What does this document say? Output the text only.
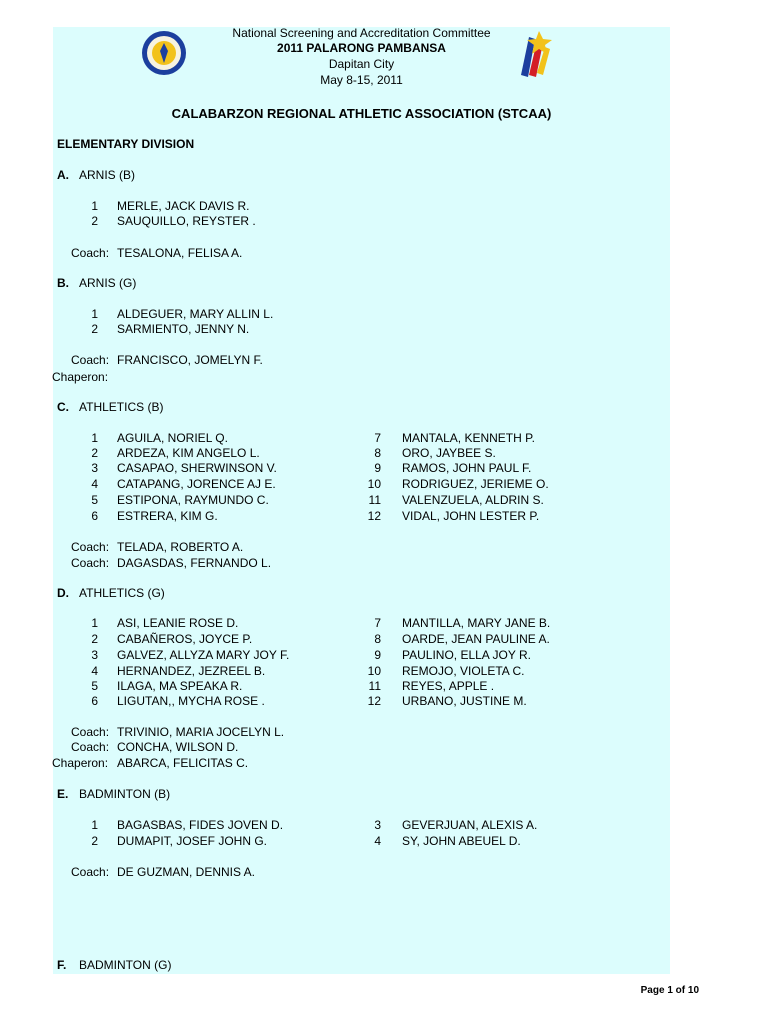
National Screening and Accreditation Committee
2011 PALARONG PAMBANSA
Dapitan City
May 8-15, 2011
CALABARZON REGIONAL ATHLETIC ASSOCIATION (STCAA)
ELEMENTARY DIVISION
A. ARNIS (B)
1 MERLE, JACK DAVIS R.
2 SAUQUILLO, REYSTER .
Coach: TESALONA, FELISA A.
B. ARNIS (G)
1 ALDEGUER, MARY ALLIN L.
2 SARMIENTO, JENNY N.
Coach: FRANCISCO, JOMELYN F.
Chaperon:
C. ATHLETICS (B)
1 AGUILA, NORIEL Q.
2 ARDEZA, KIM ANGELO L.
3 CASAPAO, SHERWINSON V.
4 CATAPANG, JORENCE AJ E.
5 ESTIPONA, RAYMUNDO C.
6 ESTRERA, KIM G.
7 MANTALA, KENNETH P.
8 ORO, JAYBEE S.
9 RAMOS, JOHN PAUL F.
10 RODRIGUEZ, JERIEME O.
11 VALENZUELA, ALDRIN S.
12 VIDAL, JOHN LESTER P.
Coach: TELADA, ROBERTO A.
Coach: DAGASDAS, FERNANDO L.
D. ATHLETICS (G)
1 ASI, LEANIE ROSE D.
2 CABAÑEROS, JOYCE P.
3 GALVEZ, ALLYZA MARY JOY F.
4 HERNANDEZ, JEZREEL B.
5 ILAGA, MA SPEAKA R.
6 LIGUTAN,, MYCHA ROSE .
7 MANTILLA, MARY JANE B.
8 OARDE, JEAN PAULINE A.
9 PAULINO, ELLA JOY R.
10 REMOJO, VIOLETA C.
11 REYES, APPLE .
12 URBANO, JUSTINE M.
Coach: TRIVINIO, MARIA JOCELYN L.
Coach: CONCHA, WILSON D.
Chaperon: ABARCA, FELICITAS C.
E. BADMINTON (B)
1 BAGASBAS, FIDES JOVEN D.
2 DUMAPIT, JOSEF JOHN G.
3 GEVERJUAN, ALEXIS A.
4 SY, JOHN ABEUEL D.
Coach: DE GUZMAN, DENNIS A.
F. BADMINTON (G)
Page 1 of 10
